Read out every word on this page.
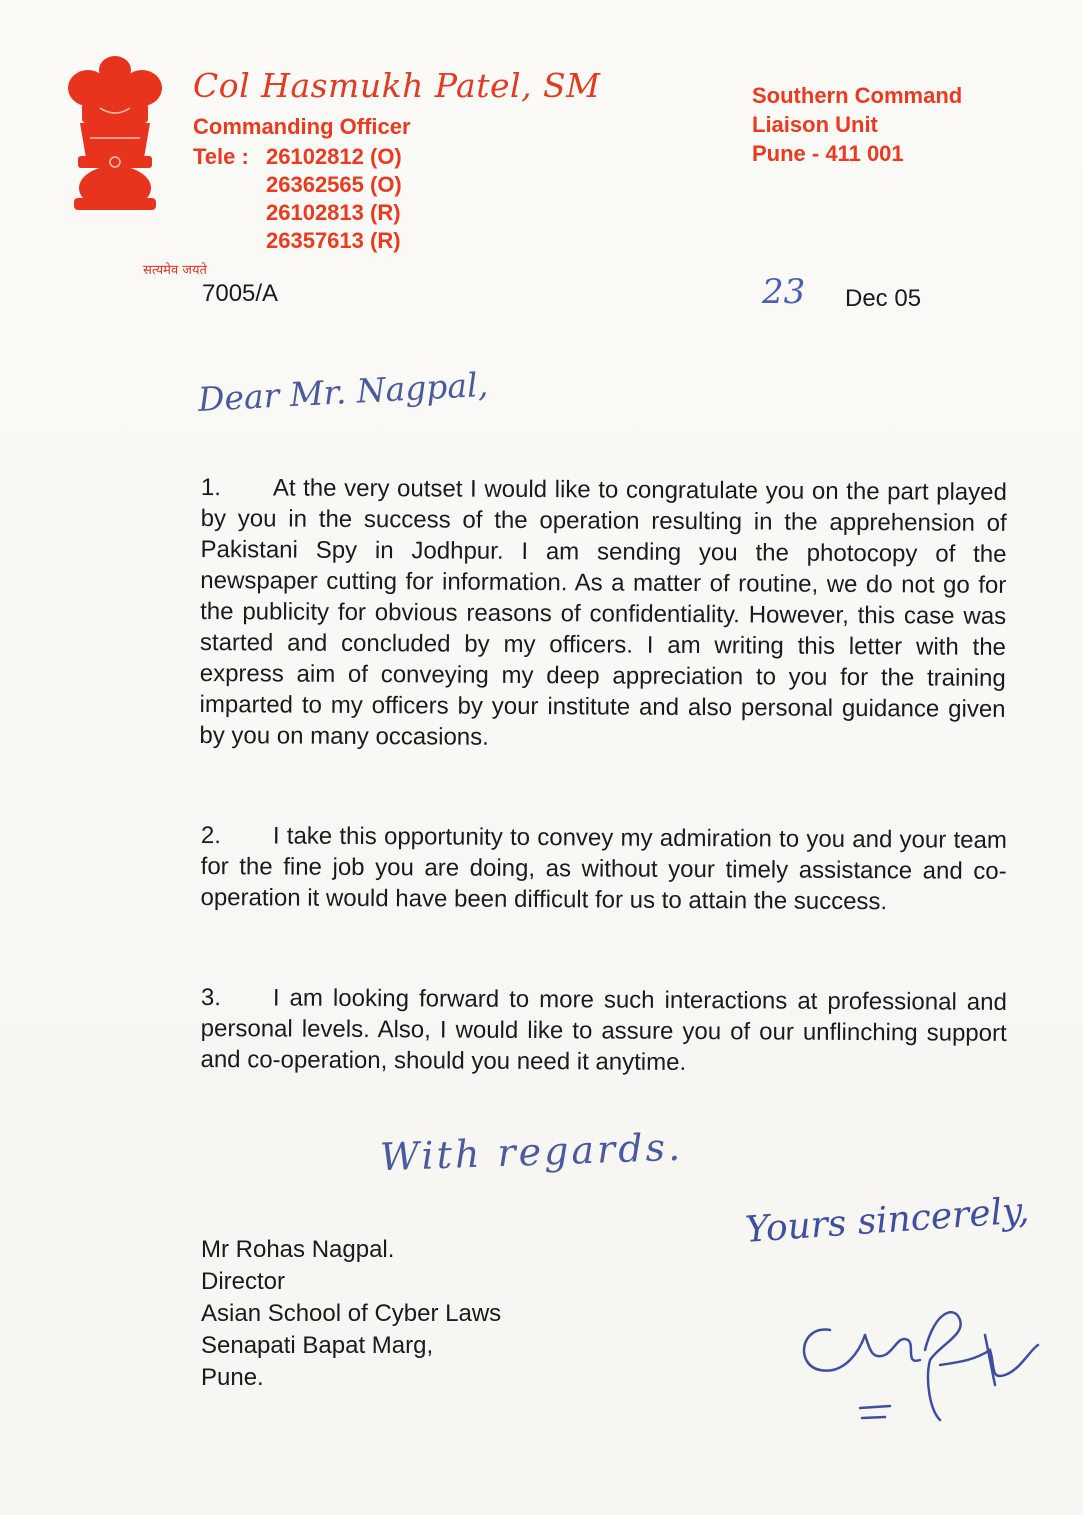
सत्यमेव जयते
Col Hasmukh Patel, SM
Commanding Officer
Tele : 26102812 (O)
26362565 (O)
26102813 (R)
26357613 (R)
Southern Command
Liaison Unit
Pune - 411 001
7005/A	23 Dec 05
Dear Mr. Nagpal,
1. At the very outset I would like to congratulate you on the part played by you in the success of the operation resulting in the apprehension of Pakistani Spy in Jodhpur. I am sending you the photocopy of the newspaper cutting for information. As a matter of routine, we do not go for the publicity for obvious reasons of confidentiality. However, this case was started and concluded by my officers. I am writing this letter with the express aim of conveying my deep appreciation to you for the training imparted to my officers by your institute and also personal guidance given by you on many occasions.
2. I take this opportunity to convey my admiration to you and your team for the fine job you are doing, as without your timely assistance and co-operation it would have been difficult for us to attain the success.
3. I am looking forward to more such interactions at professional and personal levels. Also, I would like to assure you of our unflinching support and co-operation, should you need it anytime.
With regards.
Yours sincerely,
Mr Rohas Nagpal.
Director
Asian School of Cyber Laws
Senapati Bapat Marg,
Pune.
